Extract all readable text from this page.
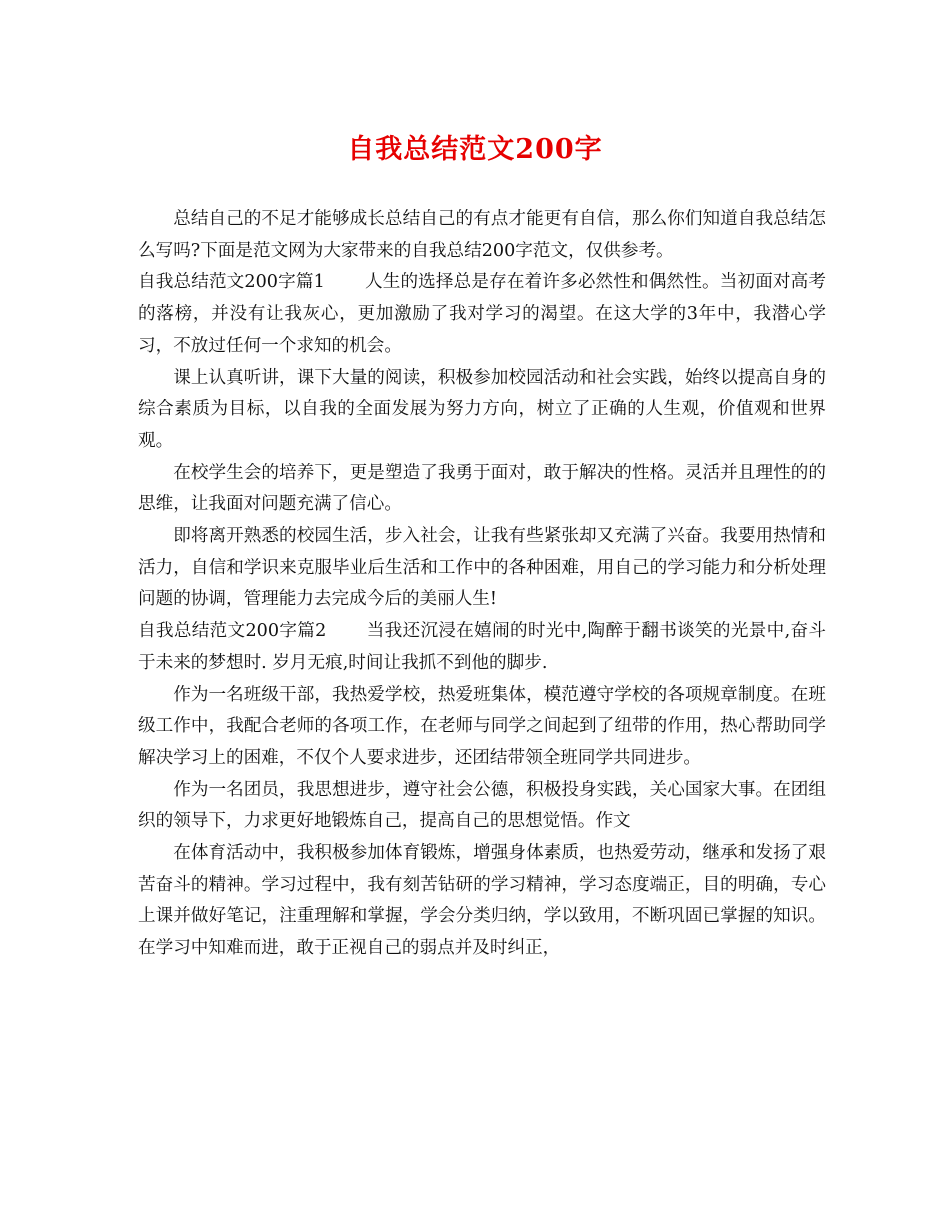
自我总结范文200字

总结自己的不足才能够成长总结自己的有点才能更有自信，那么你们知道自我总结怎么写吗?下面是范文网为大家带来的自我总结200字范文，仅供参考。

自我总结范文200字篇1 人生的选择总是存在着许多必然性和偶然性。当初面对高考的落榜，并没有让我灰心，更加激励了我对学习的渴望。在这大学的3年中，我潜心学习，不放过任何一个求知的机会。

课上认真听讲，课下大量的阅读，积极参加校园活动和社会实践，始终以提高自身的综合素质为目标，以自我的全面发展为努力方向，树立了正确的人生观，价值观和世界观。

在校学生会的培养下，更是塑造了我勇于面对，敢于解决的性格。灵活并且理性的的思维，让我面对问题充满了信心。

即将离开熟悉的校园生活，步入社会，让我有些紧张却又充满了兴奋。我要用热情和活力，自信和学识来克服毕业后生活和工作中的各种困难，用自己的学习能力和分析处理问题的协调，管理能力去完成今后的美丽人生!

自我总结范文200字篇2 当我还沉浸在嬉闹的时光中,陶醉于翻书谈笑的光景中,奋斗于未来的梦想时. 岁月无痕,时间让我抓不到他的脚步.

作为一名班级干部，我热爱学校，热爱班集体，模范遵守学校的各项规章制度。在班级工作中，我配合老师的各项工作，在老师与同学之间起到了纽带的作用，热心帮助同学解决学习上的困难，不仅个人要求进步，还团结带领全班同学共同进步。

作为一名团员，我思想进步，遵守社会公德，积极投身实践，关心国家大事。在团组织的领导下，力求更好地锻炼自己，提高自己的思想觉悟。作文

在体育活动中，我积极参加体育锻炼，增强身体素质，也热爱劳动，继承和发扬了艰苦奋斗的精神。学习过程中，我有刻苦钻研的学习精神，学习态度端正，目的明确，专心上课并做好笔记，注重理解和掌握，学会分类归纳，学以致用，不断巩固已掌握的知识。在学习中知难而进，敢于正视自己的弱点并及时纠正，
